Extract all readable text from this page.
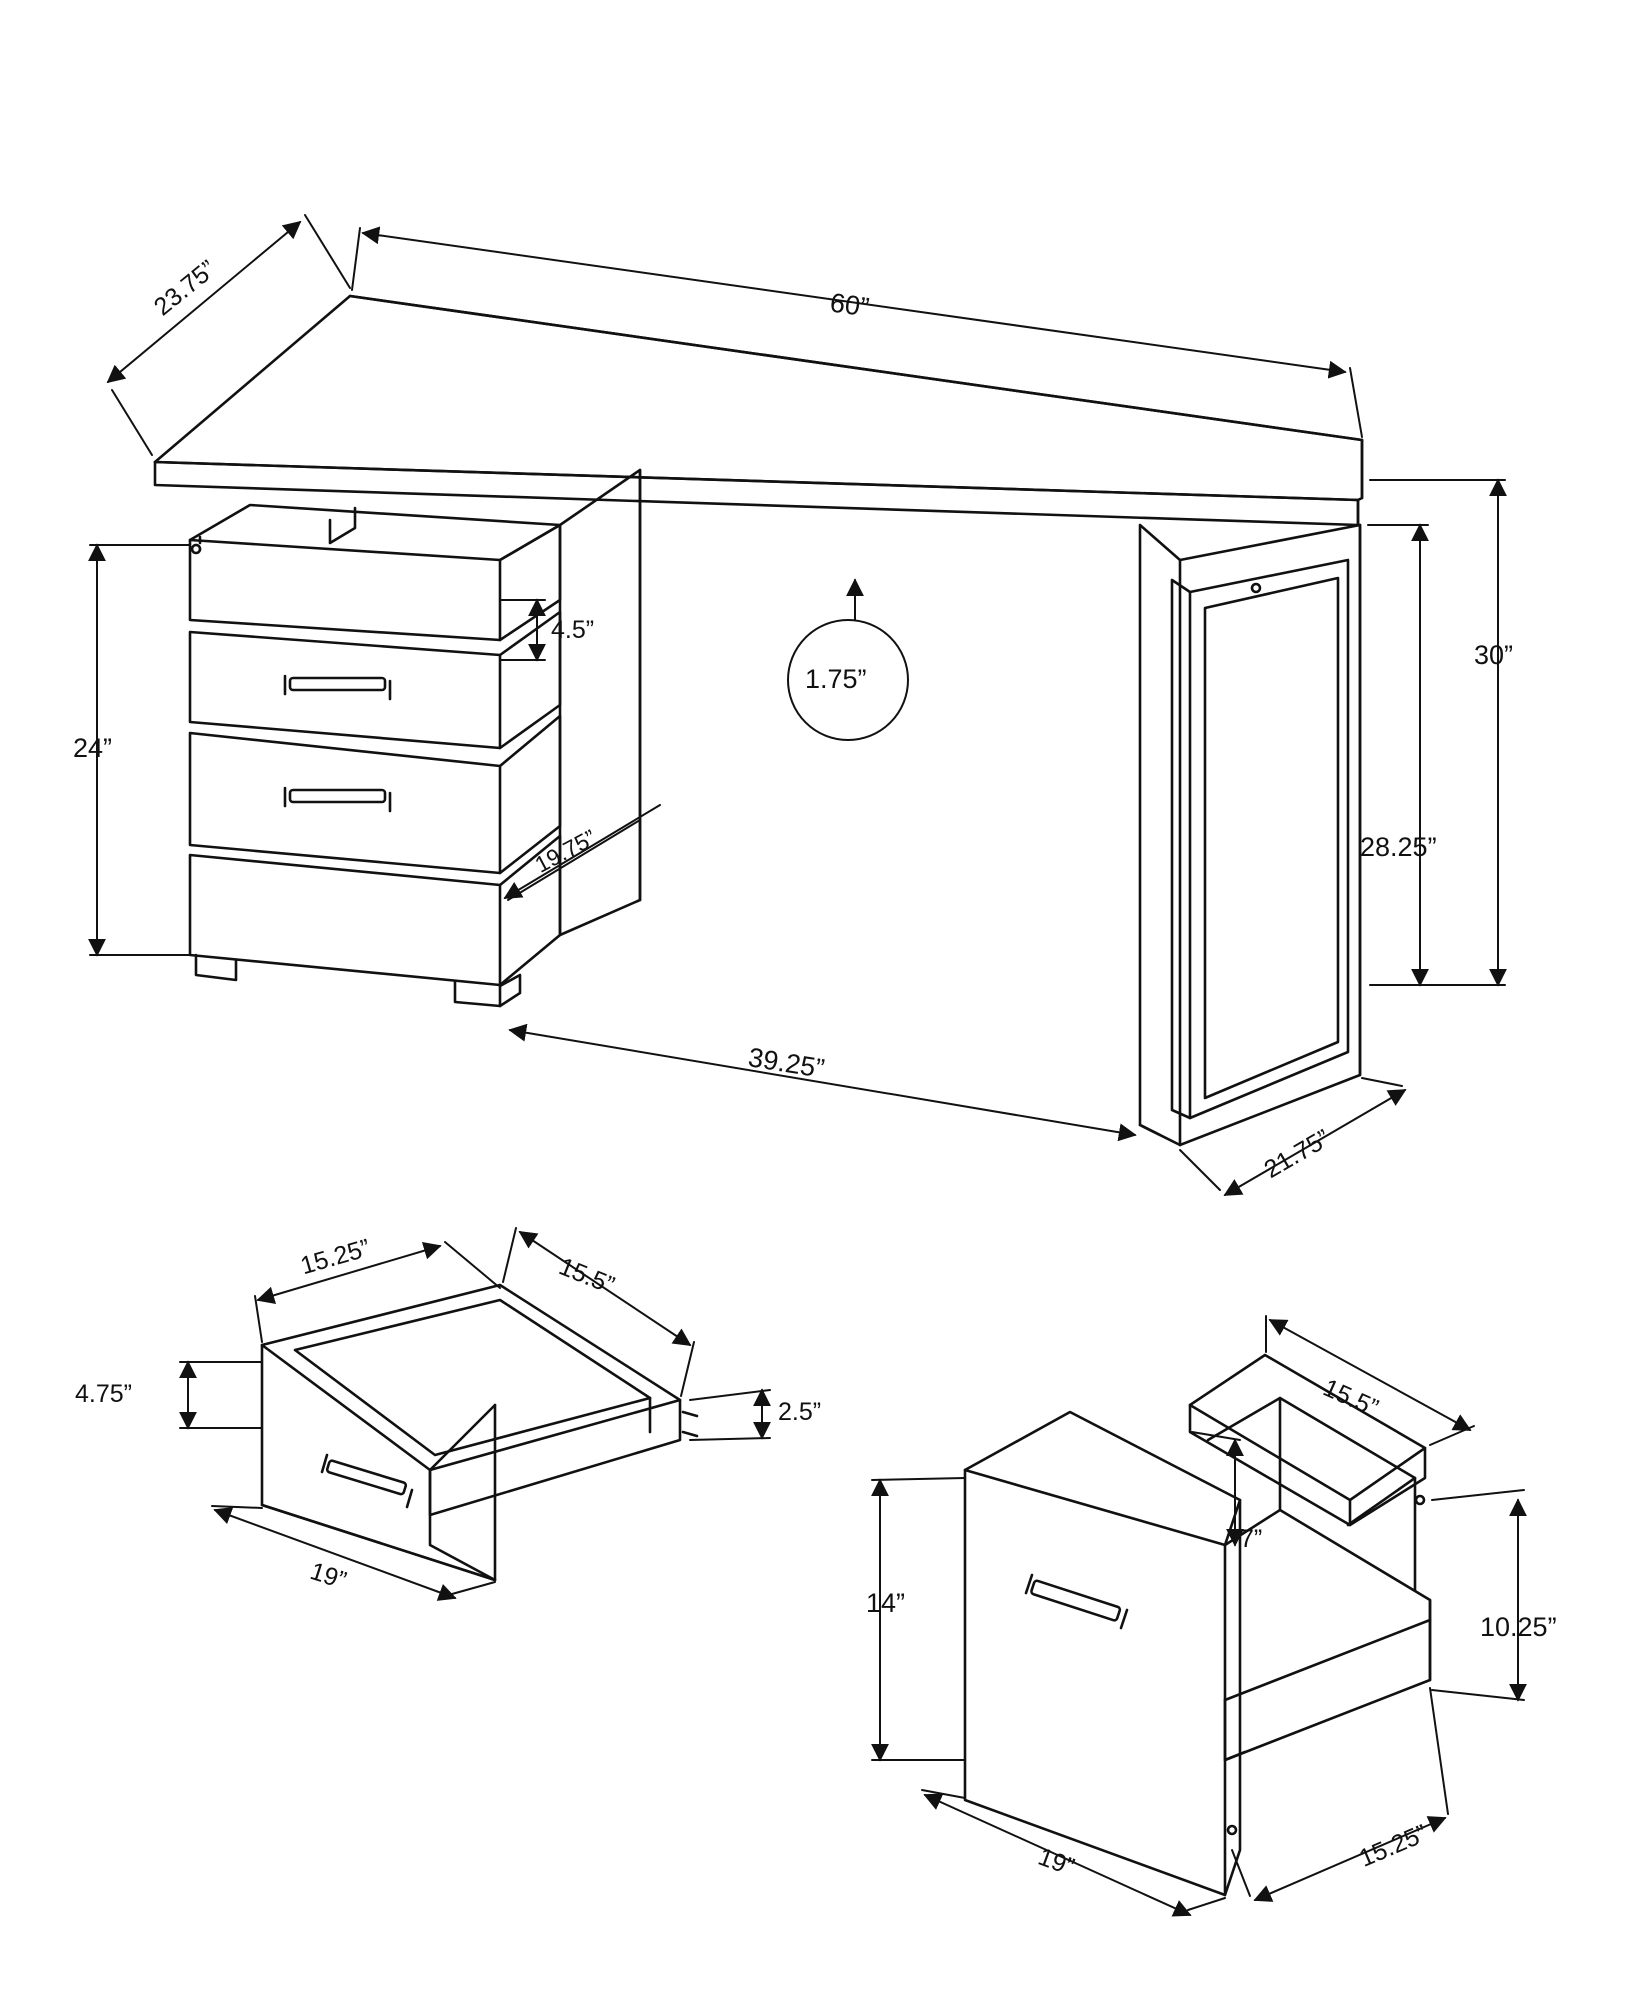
23.75”	60”
30”
28.25”
1.75”
4.5”
24”
19.75”
39.25”
21.75”
15.25”	15.5”
4.75”
2.5”
19”
15.5”
7”
14”
10.25”
19”	15.25”
